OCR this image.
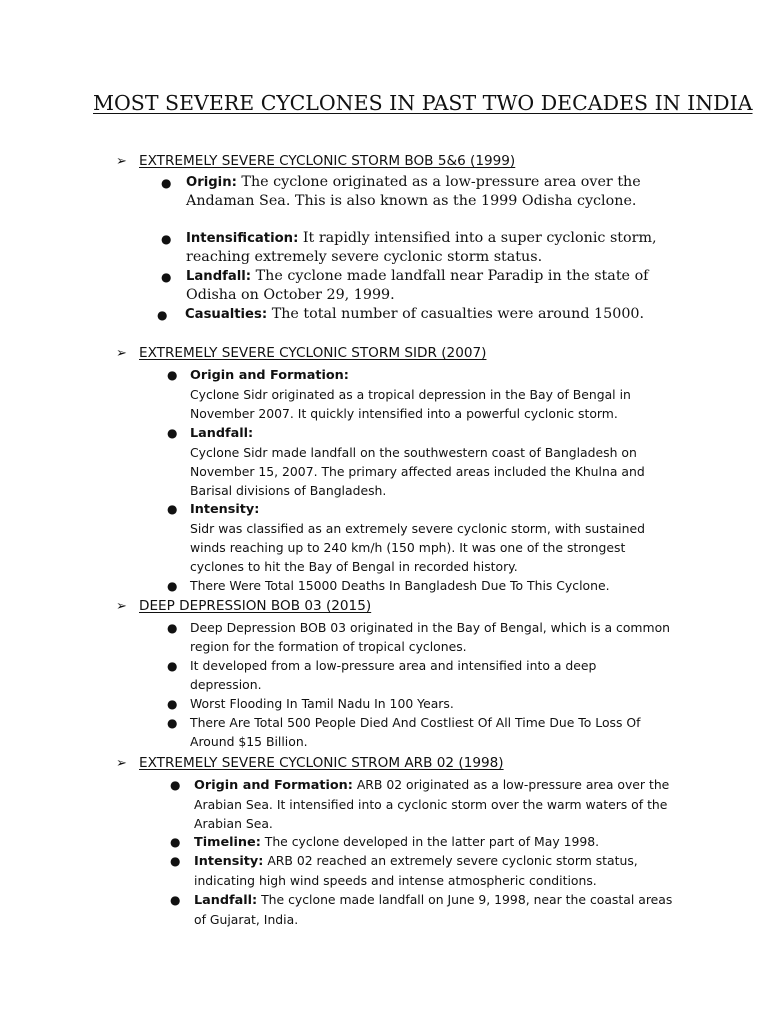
MOST SEVERE CYCLONES IN PAST TWO DECADES IN INDIA
➢ EXTREMELY SEVERE CYCLONIC STORM BOB 5&6 (1999)
● Origin: The cyclone originated as a low-pressure area over the Andaman Sea. This is also known as the 1999 Odisha cyclone.

● Intensification: It rapidly intensified into a super cyclonic storm, reaching extremely severe cyclonic storm status.

● Landfall: The cyclone made landfall near Paradip in the state of Odisha on October 29, 1999.

● Casualties: The total number of casualties were around 15000.

➢ EXTREMELY SEVERE CYCLONIC STORM SIDR (2007)
● Origin and Formation:
Cyclone Sidr originated as a tropical depression in the Bay of Bengal in November 2007. It quickly intensified into a powerful cyclonic storm.

● Landfall:
Cyclone Sidr made landfall on the southwestern coast of Bangladesh on November 15, 2007. The primary affected areas included the Khulna and Barisal divisions of Bangladesh.

● Intensity:
Sidr was classified as an extremely severe cyclonic storm, with sustained winds reaching up to 240 km/h (150 mph). It was one of the strongest cyclones to hit the Bay of Bengal in recorded history.

● There Were Total 15000 Deaths In Bangladesh Due To This Cyclone.

➢ DEEP DEPRESSION BOB 03 (2015)
● Deep Depression BOB 03 originated in the Bay of Bengal, which is a common region for the formation of tropical cyclones.

● It developed from a low-pressure area and intensified into a deep depression.

● Worst Flooding In Tamil Nadu In 100 Years.

● There Are Total 500 People Died And Costliest Of All Time Due To Loss Of Around $15 Billion.

➢ EXTREMELY SEVERE CYCLONIC STROM ARB 02 (1998)
● Origin and Formation: ARB 02 originated as a low-pressure area over the Arabian Sea. It intensified into a cyclonic storm over the warm waters of the Arabian Sea.

● Timeline: The cyclone developed in the latter part of May 1998.

● Intensity: ARB 02 reached an extremely severe cyclonic storm status, indicating high wind speeds and intense atmospheric conditions.

● Landfall: The cyclone made landfall on June 9, 1998, near the coastal areas of Gujarat, India.
